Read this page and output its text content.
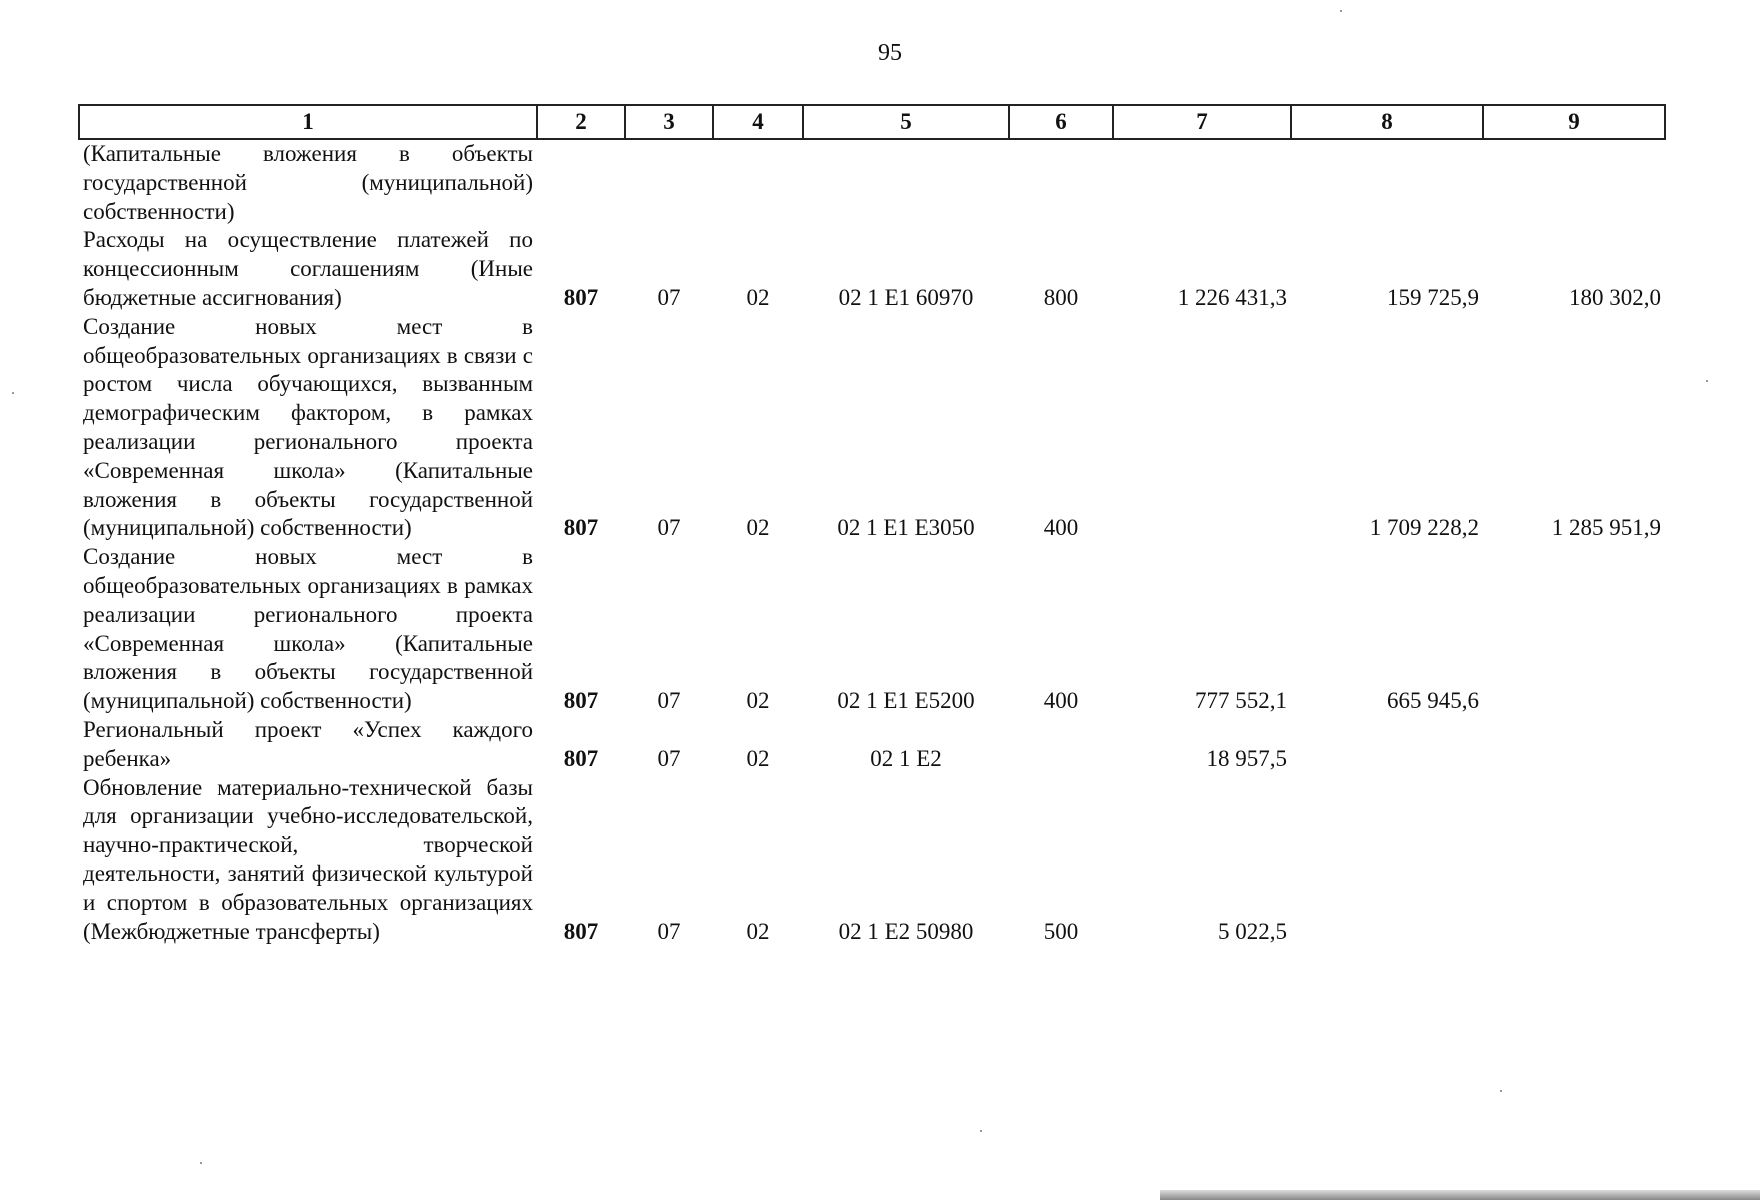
95
1	2	3	4	5	6	7	8	9
(Капитальные вложения в объекты государственной (муниципальной) собственности)								
Расходы на осуществление платежей по концессионным соглашениям (Иные бюджетные ассигнования)	807	07	02	02 1 E1 60970	800	1 226 431,3	159 725,9	180 302,0
Создание новых мест в общеобразовательных организациях в связи с ростом числа обучающихся, вызванным демографическим фактором, в рамках реализации регионального проекта «Современная школа» (Капитальные вложения в объекты государственной (муниципальной) собственности)	807	07	02	02 1 E1 E3050	400		1 709 228,2	1 285 951,9
Создание новых мест в общеобразовательных организациях в рамках реализации регионального проекта «Современная школа» (Капитальные вложения в объекты государственной (муниципальной) собственности)	807	07	02	02 1 E1 E5200	400	777 552,1	665 945,6	
Региональный проект «Успех каждого ребенка»	807	07	02	02 1 E2		18 957,5		
Обновление материально-технической базы для организации учебно-исследовательской, научно-практической, творческой деятельности, занятий физической культурой и спортом в образовательных организациях (Межбюджетные трансферты)	807	07	02	02 1 E2 50980	500	5 022,5		
